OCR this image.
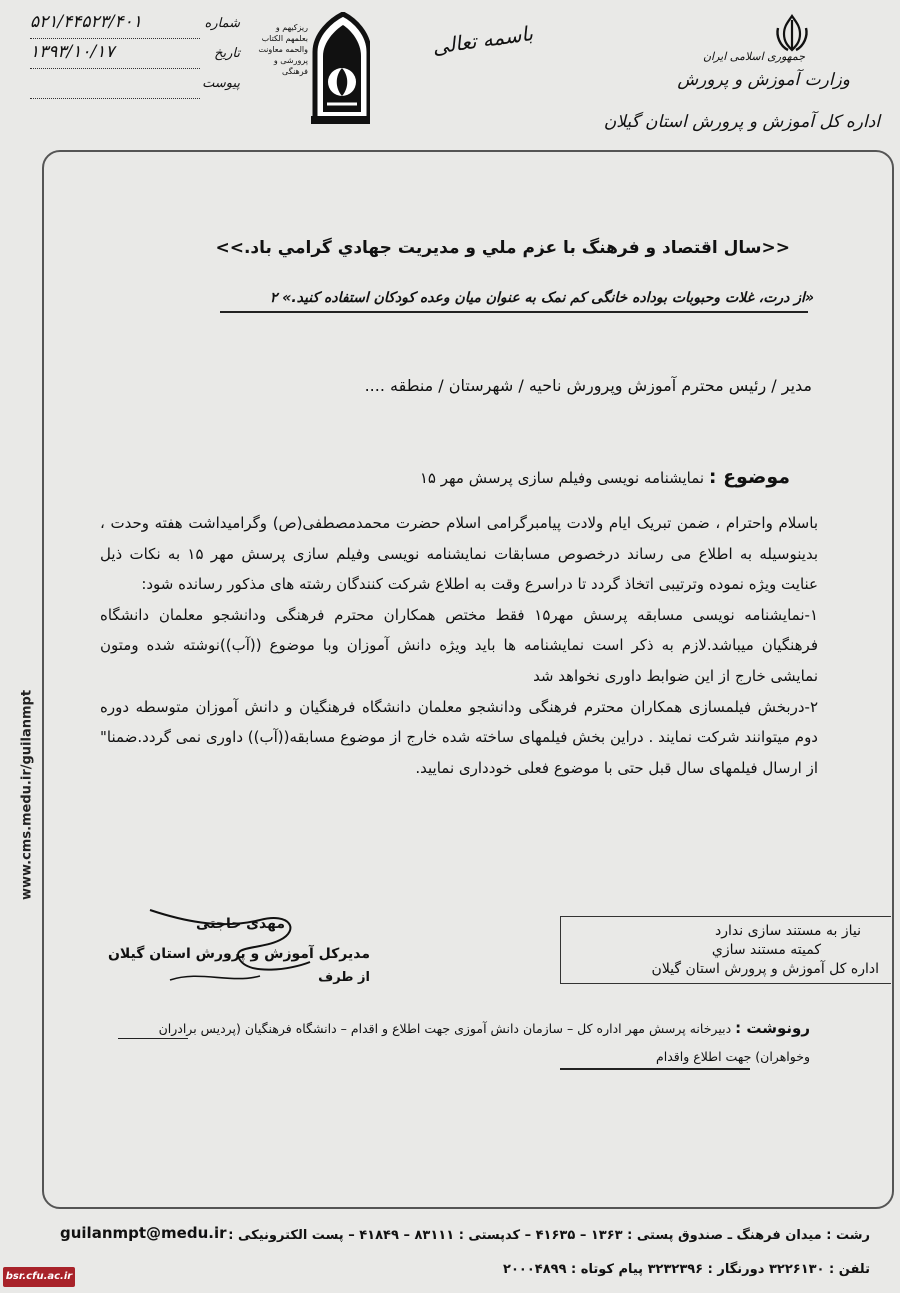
جمهوری اسلامی ایران
وزارت آموزش و پرورش
اداره کل آموزش و پرورش استان گیلان
باسمه تعالی
ریزکیهم و بعلمهم الکتاب والحمه معاونت پرورشی و فرهنگی
شماره
۵۲۱/۴۴۵۲۳/۴۰۱
تاریخ
۱۳۹۳/۱۰/۱۷
پیوست
<<سال اقتصاد و فرهنگ با عزم ملي و مديريت جهادي گرامي باد.>>
«از درت، غلات وحبوبات بوداده خانگی کم نمک به عنوان میان وعده کودکان استفاده کنید.» ۲
مدیر / رئیس محترم آموزش وپرورش ناحیه / شهرستان / منطقه ....
موضوع : نمایشنامه نویسی وفیلم سازی پرسش مهر ۱۵

باسلام واحترام ، ضمن تبریک ایام ولادت پیامبرگرامی اسلام حضرت محمدمصطفی(ص) وگرامیداشت هفته وحدت ، بدینوسیله به اطلاع می رساند درخصوص مسابقات نمایشنامه نویسی وفیلم سازی پرسش مهر ۱۵ به نکات ذیل عنایت ویژه نموده وترتیبی اتخاذ گردد تا دراسرع وقت به اطلاع شرکت کنندگان رشته های مذکور رسانده شود:

۱-نمایشنامه نویسی مسابقه پرسش مهر۱۵ فقط مختص همکاران محترم فرهنگی ودانشجو معلمان دانشگاه فرهنگیان میباشد.لازم به ذکر است نمایشنامه ها باید ویژه دانش آموزان وبا موضوع ((آب))نوشته شده ومتون نمایشی خارج از این ضوابط داوری نخواهد شد

۲-دربخش فیلمسازی همکاران محترم فرهنگی ودانشجو معلمان دانشگاه فرهنگیان و دانش آموزان متوسطه دوره دوم میتوانند شرکت نمایند . دراین بخش فیلمهای ساخته شده خارج از موضوع مسابقه((آب)) داوری نمی گردد.ضمنا" از ارسال فیلمهای سال قبل حتی با موضوع فعلی خودداری نمایید.

مهدی حاجتی
مدیرکل آموزش و پرورش استان گیلان
از طرف
نیاز به مستند سازی ندارد
کمیته مستند سازي
اداره کل آموزش و پرورش استان گیلان
رونوشت : دبیرخانه پرسش مهر اداره کل – سازمان دانش آموزی جهت اطلاع و اقدام – دانشگاه فرهنگیان (پردیس برادران وخواهران) جهت اطلاع واقدام
رشت : میدان فرهنگ ـ صندوق پستی : ۱۳۶۳ – ۴۱۶۳۵ – کدپستی : ۸۳۱۱۱ – ۴۱۸۴۹ – پست الکترونیکی :
guilanmpt@medu.ir
تلفن : ۳۲۲۶۱۳۰ دورنگار : ۳۲۳۲۳۹۶ پیام کوتاه : ۲۰۰۰۴۸۹۹
www.cms.medu.ir/guilanmpt
bsr.cfu.ac.ir
